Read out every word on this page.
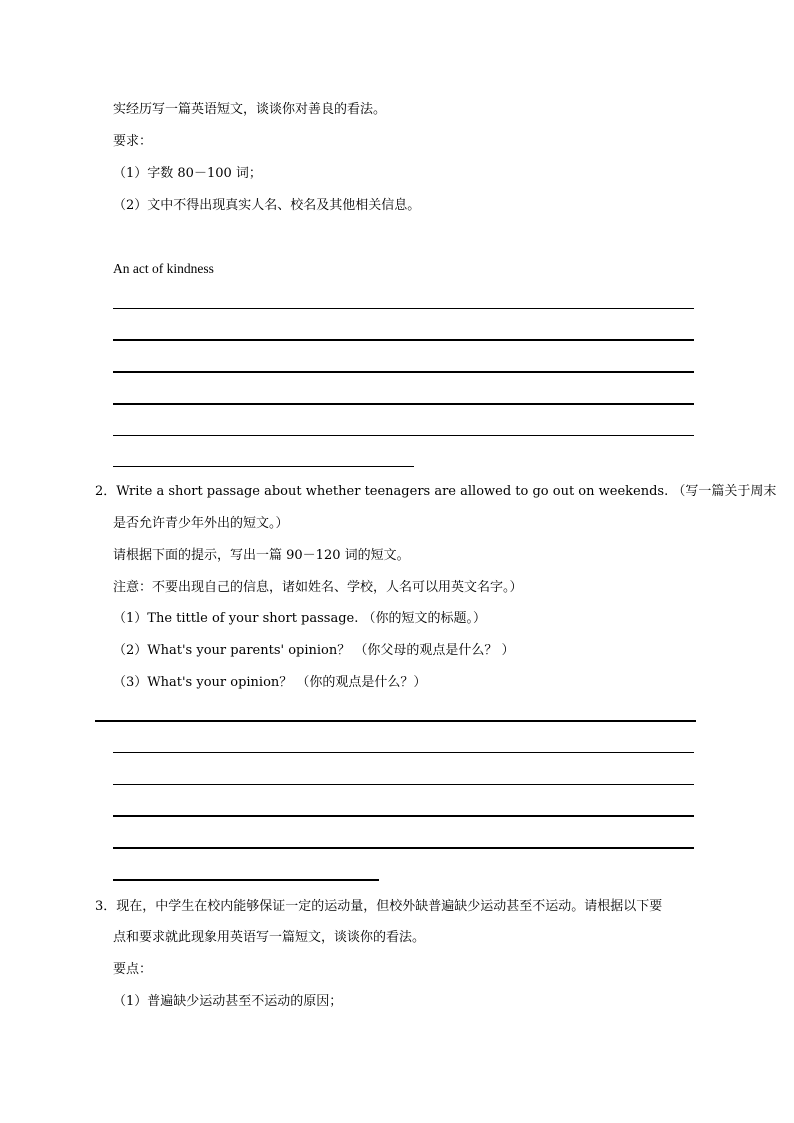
实经历写一篇英语短文，谈谈你对善良的看法。
要求：
（1）字数 80－100 词；
（2）文中不得出现真实人名、校名及其他相关信息。
An act of kindness
2．Write a short passage about whether teenagers are allowed to go out on weekends. （写一篇关于周末
是否允许青少年外出的短文。）
请根据下面的提示，写出一篇 90－120 词的短文。
注意：不要出现自己的信息，诸如姓名、学校，人名可以用英文名字。）
（1）The tittle of your short passage. （你的短文的标题。）
（2）What's your parents' opinion？ （你父母的观点是什么？ ）
（3）What's your opinion？ （你的观点是什么？）
3．现在，中学生在校内能够保证一定的运动量，但校外缺普遍缺少运动甚至不运动。请根据以下要
点和要求就此现象用英语写一篇短文，谈谈你的看法。
要点：
（1）普遍缺少运动甚至不运动的原因；
